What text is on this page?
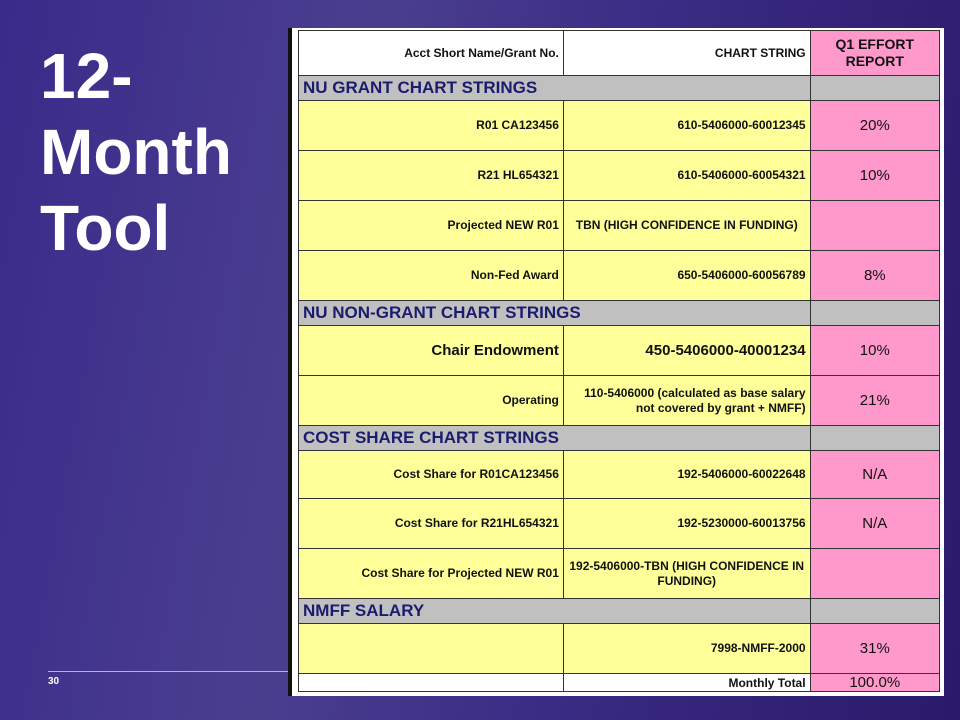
12-
Month
Tool
30
Acct Short Name/Grant No.	CHART STRING	Q1 EFFORT REPORT
NU GRANT CHART STRINGS		
R01 CA123456	610-5406000-60012345	20%
R21 HL654321	610-5406000-60054321	10%
Projected NEW R01	TBN (HIGH CONFIDENCE IN FUNDING)	
Non-Fed Award	650-5406000-60056789	8%
NU NON-GRANT CHART STRINGS		
Chair Endowment	450-5406000-40001234	10%
Operating	110-5406000 (calculated as base salary not covered by grant + NMFF)	21%
COST SHARE CHART STRINGS		
Cost Share for R01CA123456	192-5406000-60022648	N/A
Cost Share for R21HL654321	192-5230000-60013756	N/A
Cost Share for Projected NEW R01	192-5406000-TBN (HIGH CONFIDENCE IN FUNDING)	
NMFF SALARY		
	7998-NMFF-2000	31%
	Monthly Total	100.0%
